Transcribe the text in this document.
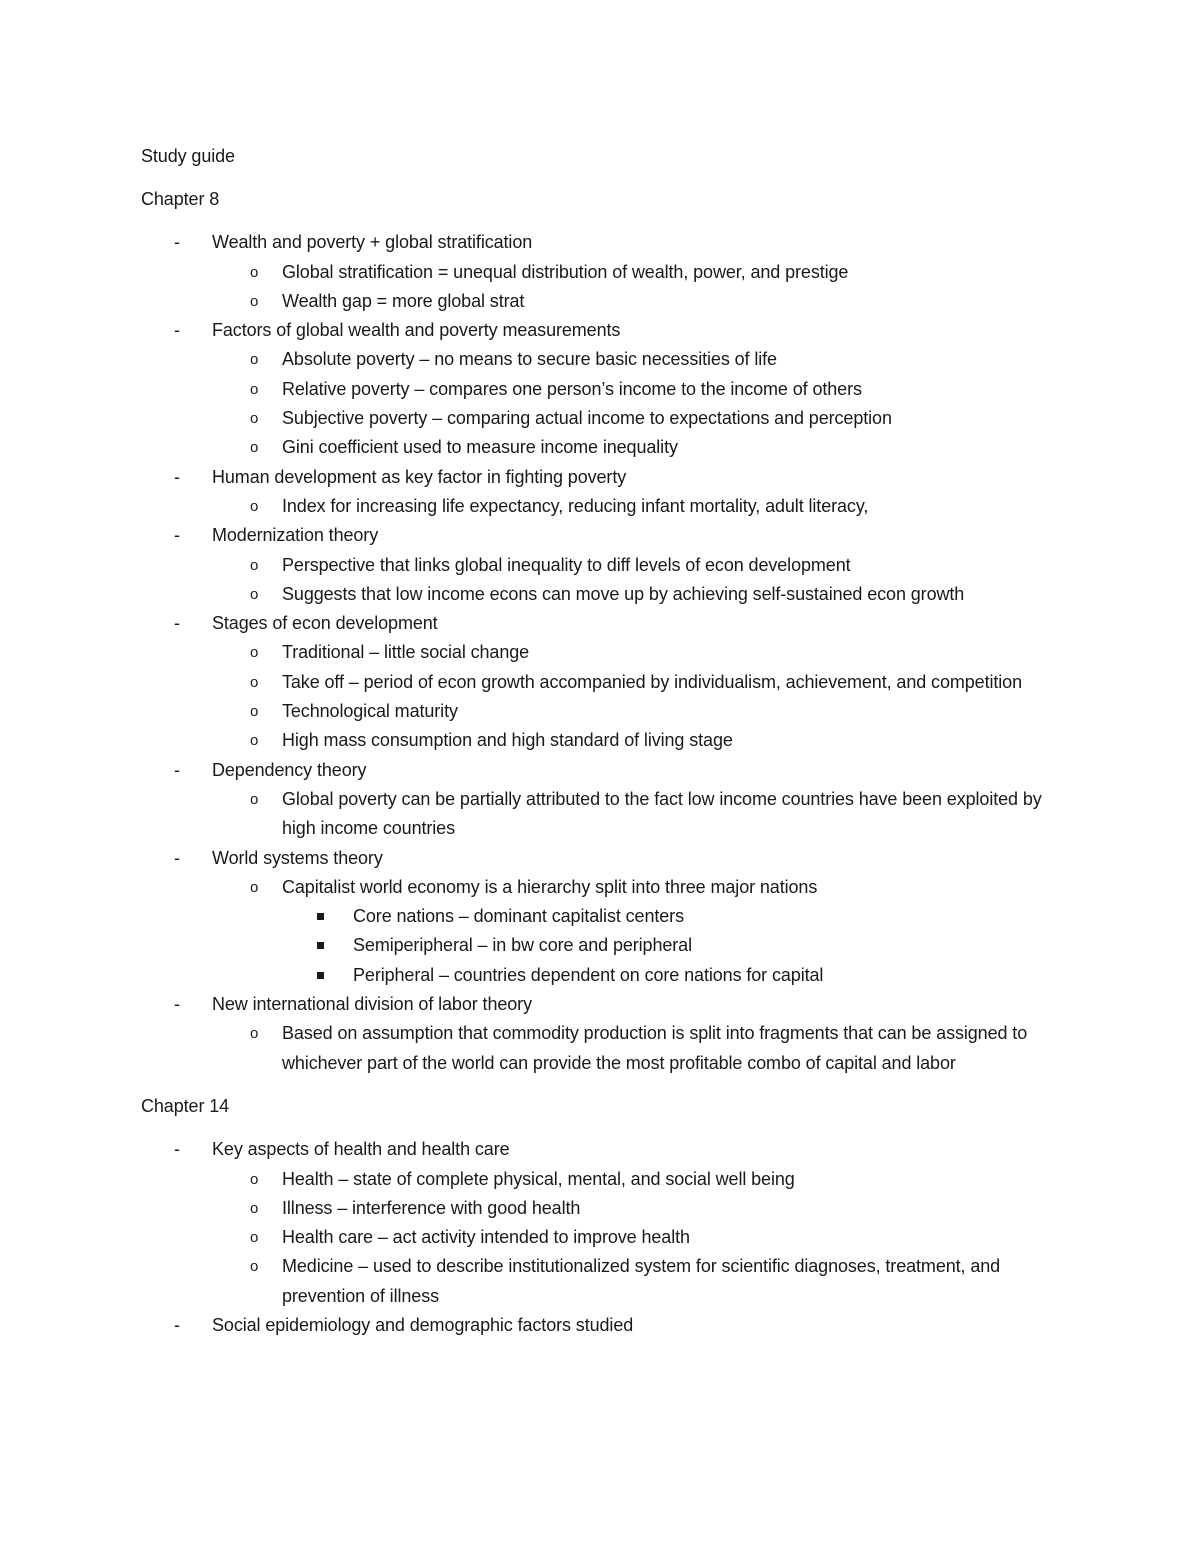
Study guide

Chapter 8

- Wealth and poverty + global stratification
o Global stratification = unequal distribution of wealth, power, and prestige
o Wealth gap = more global strat
- Factors of global wealth and poverty measurements
o Absolute poverty – no means to secure basic necessities of life
o Relative poverty – compares one person’s income to the income of others
o Subjective poverty – comparing actual income to expectations and perception
o Gini coefficient used to measure income inequality
- Human development as key factor in fighting poverty
o Index for increasing life expectancy, reducing infant mortality, adult literacy,
- Modernization theory
o Perspective that links global inequality to diff levels of econ development
o Suggests that low income econs can move up by achieving self-sustained econ growth
- Stages of econ development
o Traditional – little social change
o Take off – period of econ growth accompanied by individualism, achievement, and competition
o Technological maturity
o High mass consumption and high standard of living stage
- Dependency theory
o Global poverty can be partially attributed to the fact low income countries have been exploited by high income countries
- World systems theory
o Capitalist world economy is a hierarchy split into three major nations
Core nations – dominant capitalist centers
Semiperipheral – in bw core and peripheral
Peripheral – countries dependent on core nations for capital
- New international division of labor theory
o Based on assumption that commodity production is split into fragments that can be assigned to whichever part of the world can provide the most profitable combo of capital and labor

Chapter 14

- Key aspects of health and health care
o Health – state of complete physical, mental, and social well being
o Illness – interference with good health
o Health care – act activity intended to improve health
o Medicine – used to describe institutionalized system for scientific diagnoses, treatment, and prevention of illness
- Social epidemiology and demographic factors studied
